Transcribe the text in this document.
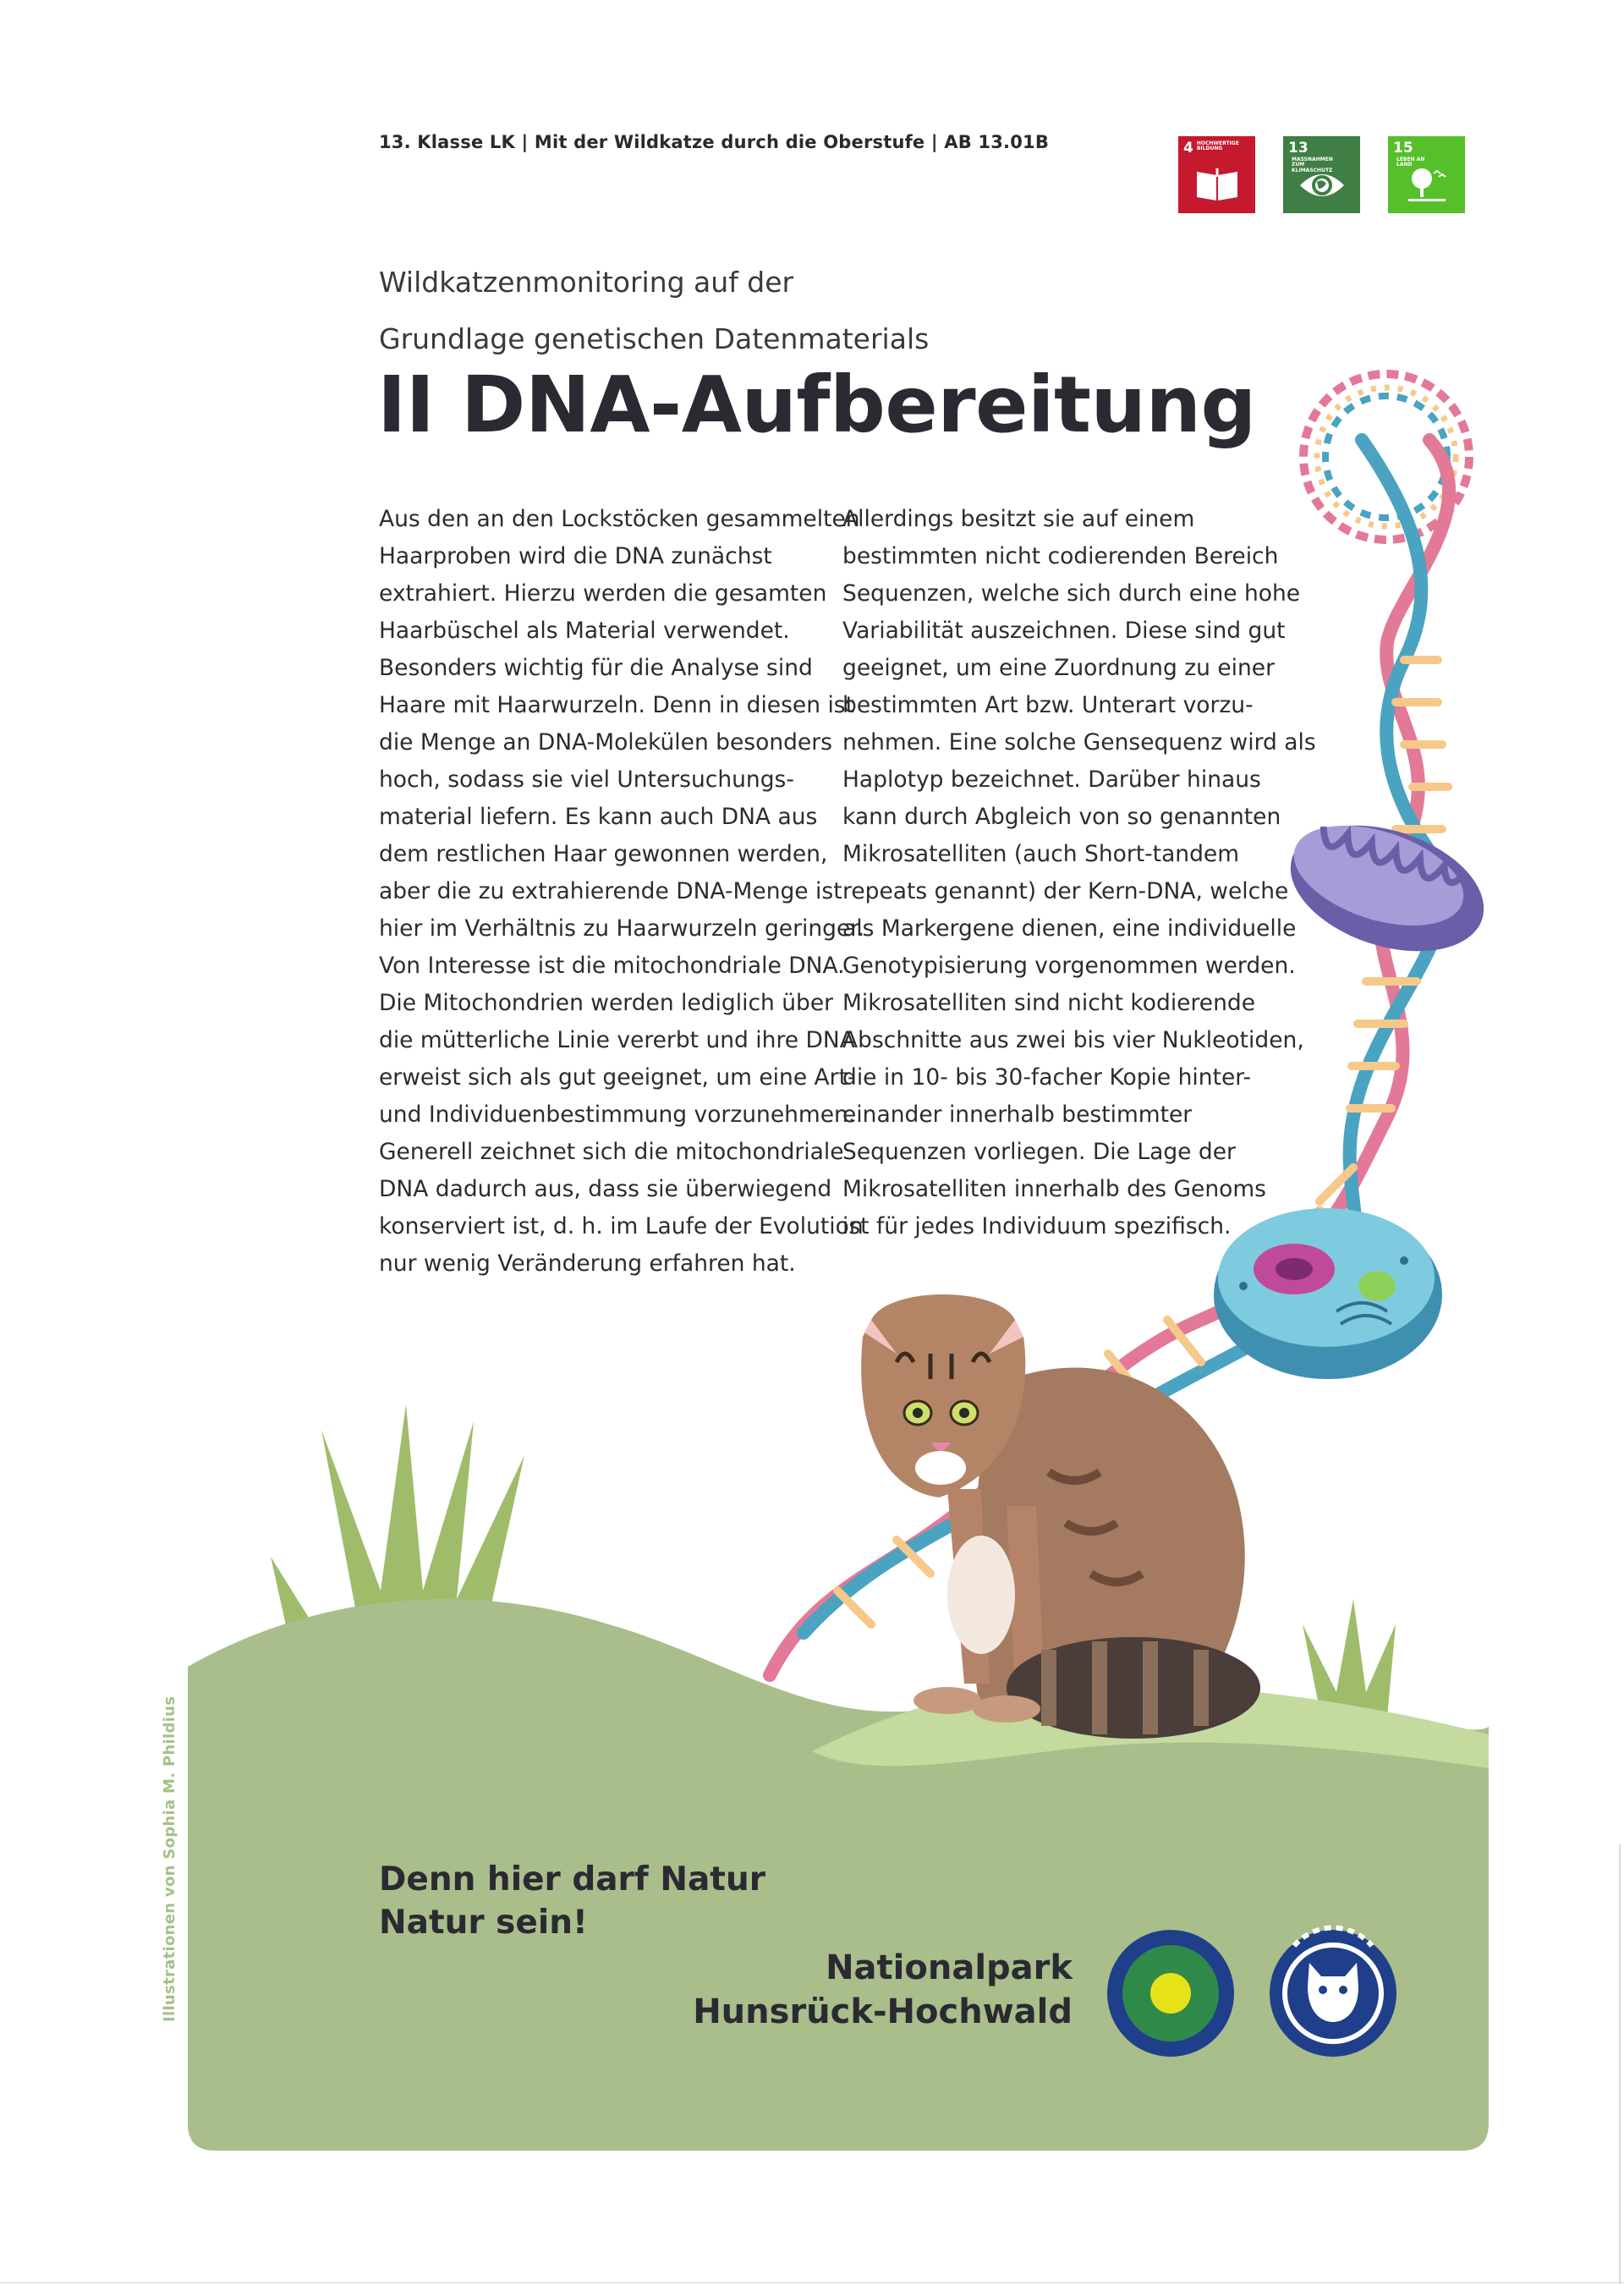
13. Klasse LK | Mit der Wildkatze durch die Oberstufe | AB 13.01B	4 HOCHWERTIGE BILDUNG	13MASSNAHMEN ZUM KLIMASCHUTZ
15LEBEN AN LAND
Wildkatzenmonitoring auf der
Grundlage genetischen Datenmaterials
II DNA-Aufbereitung
Aus den an den Lockstöcken gesammelten
Haarproben wird die DNA zunächst
extrahiert. Hierzu werden die gesamten
Haarbüschel als Material verwendet.
Besonders wichtig für die Analyse sind
Haare mit Haarwurzeln. Denn in diesen ist
die Menge an DNA-Molekülen besonders
hoch, sodass sie viel Untersuchungs-
material liefern. Es kann auch DNA aus
dem restlichen Haar gewonnen werden,
aber die zu extrahierende DNA-Menge ist
hier im Verhältnis zu Haarwurzeln geringer.
Von Interesse ist die mitochondriale DNA.
Die Mitochondrien werden lediglich über
die mütterliche Linie vererbt und ihre DNA
erweist sich als gut geeignet, um eine Art-
und Individuenbestimmung vorzunehmen.
Generell zeichnet sich die mitochondriale
DNA dadurch aus, dass sie überwiegend
konserviert ist, d. h. im Laufe der Evolution
nur wenig Veränderung erfahren hat.
Allerdings besitzt sie auf einem
bestimmten nicht codierenden Bereich
Sequenzen, welche sich durch eine hohe
Variabilität auszeichnen. Diese sind gut
geeignet, um eine Zuordnung zu einer
bestimmten Art bzw. Unterart vorzu-
nehmen. Eine solche Gensequenz wird als
Haplotyp bezeichnet. Darüber hinaus
kann durch Abgleich von so genannten
Mikrosatelliten (auch Short-tandem
repeats genannt) der Kern-DNA, welche
als Markergene dienen, eine individuelle
Genotypisierung vorgenommen werden.
Mikrosatelliten sind nicht kodierende
Abschnitte aus zwei bis vier Nukleotiden,
die in 10- bis 30-facher Kopie hinter-
einander innerhalb bestimmter
Sequenzen vorliegen. Die Lage der
Mikrosatelliten innerhalb des Genoms
ist für jedes Individuum spezifisch.
Denn hier darf Natur
Natur sein!
Nationalpark
Hunsrück-Hochwald
Illustrationen von Sophia M. Phildius
